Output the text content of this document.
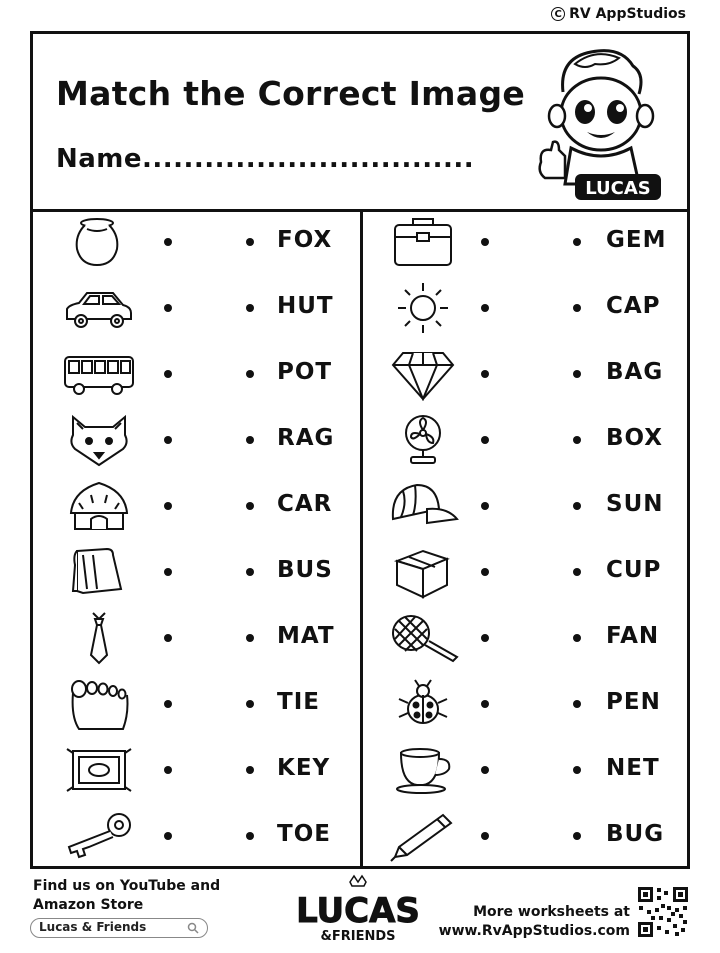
C RV AppStudios
Match the Correct Image
Name................................
LUCAS
FOX
HUT
POT
RAG
CAR
BUS
MAT
TIE
KEY
TOE
GEM
CAP
BAG
BOX
SUN
CUP
FAN
PEN
NET
BUG
Find us on YouTube and
Amazon Store
Lucas & Friends	LUCAS
&FRIENDS
More worksheets at
www.RvAppStudios.com
